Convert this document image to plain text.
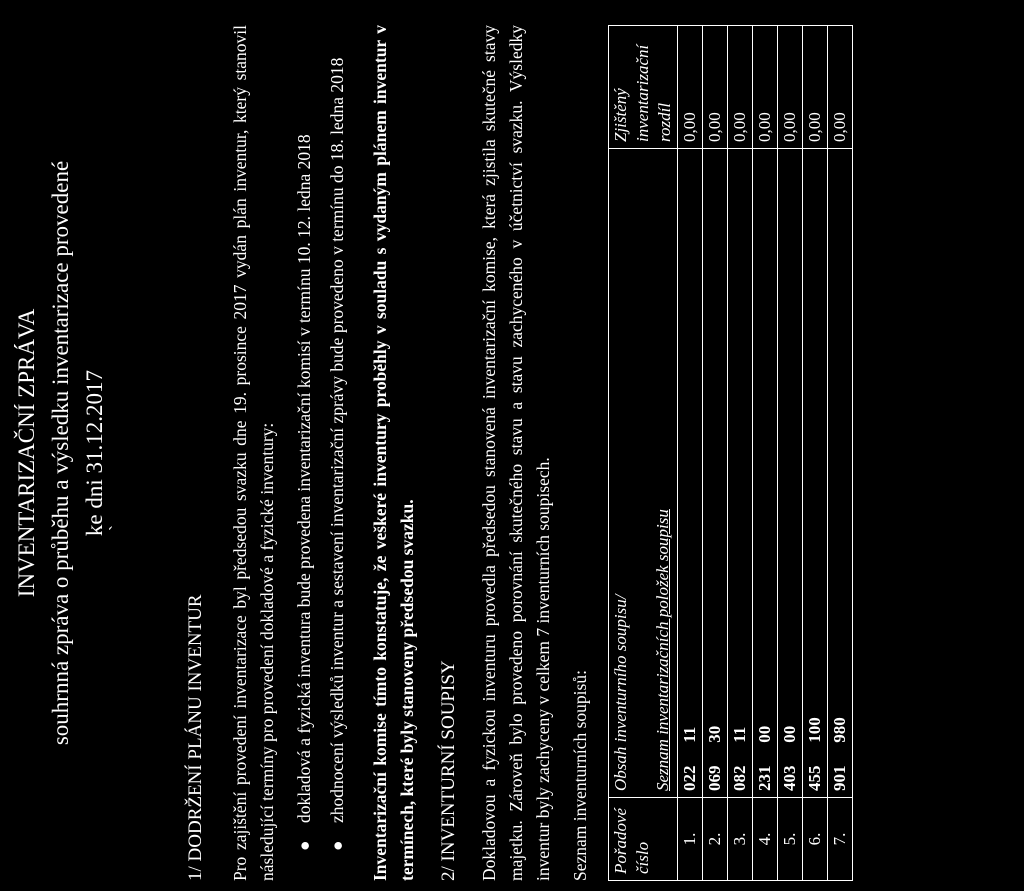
`
INVENTARIZAČNÍ ZPRÁVA souhrnná zpráva o průběhu a výsledku inventarizace provedené ke dni 31.12.2017
1/ DODRŽENÍ PLÁNU INVENTUR Pro zajištění provedení inventarizace byl předsedou svazku dne 19. prosince 2017 vydán plán inventur, který stanovil následující termíny pro provedení dokladové a fyzické inventury: ●
dokladová a fyzická inventura bude provedena inventarizační komisí v termínu 10. 12. ledna 2018
●
zhodnocení výsledků inventur a sestavení inventarizační zprávy bude provedeno v termínu do 18. ledna 2018 Inventarizační komise tímto konstatuje, že veškeré inventury proběhly v souladu s vydaným plánem inventur v termínech, které byly stanoveny předsedou svazku. 2/ INVENTURNÍ SOUPISY Dokladovou a fyzickou inventuru provedla předsedou stanovená inventarizační komise, která zjistila skutečné stavy majetku. Zároveň bylo provedeno porovnání skutečného stavu a stavu zachyceného v účetnictví svazku. Výsledky inventur byly zachyceny v celkem 7 inventurních soupisech. Seznam inventurních soupisů: Pořadové číslo	Obsah inventurního soupisu/ Seznam inventarizačních položek soupisu	Zjištěný inventarizační rozdíl
1.	022 11	0,00
2.	069 30	0,00
3.	082 11	0,00
4.	231 00	0,00
5.	403 00	0,00
6.	455 100	0,00
7.	901 980	0,00
